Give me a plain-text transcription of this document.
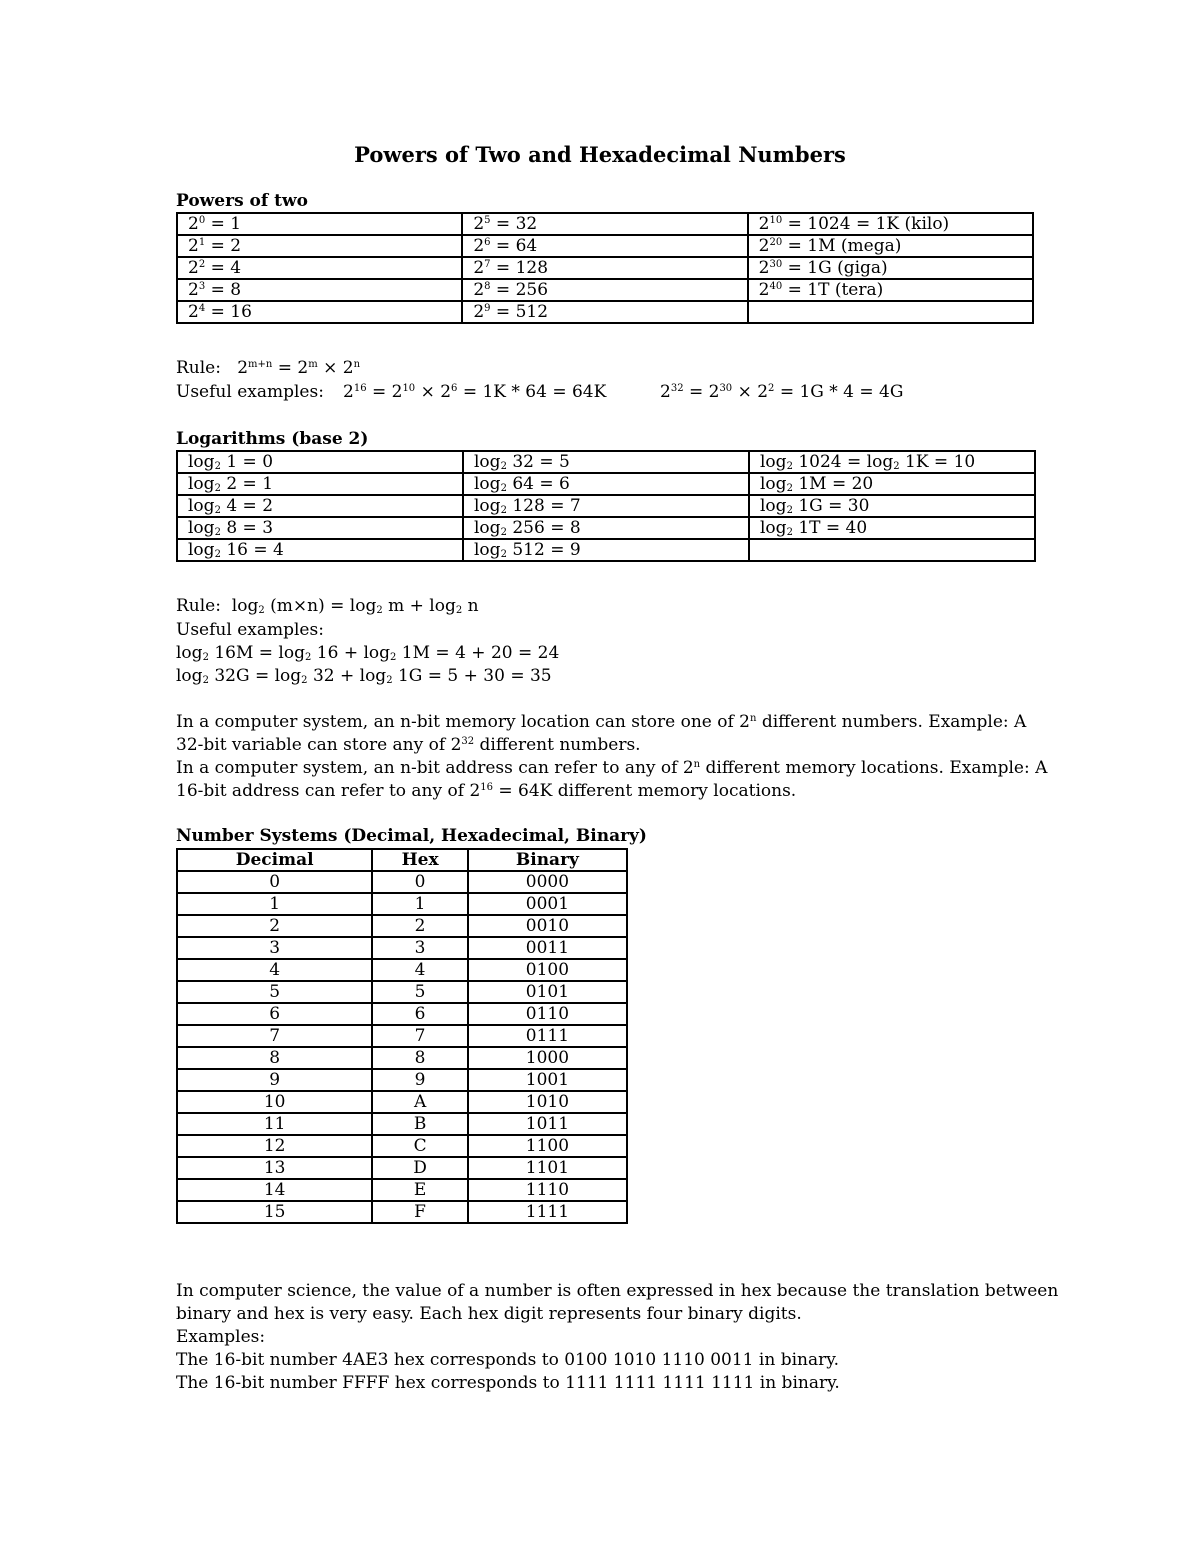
Powers of Two and Hexadecimal Numbers
Powers of two
$2^0 = 1$	$2^5 = 32$	$2^{10} = 1024 = 1K$ (kilo)
$2^1 = 2$	$2^6 = 64$	$2^{20} = 1M$ (mega)
$2^2 = 4$	$2^7 = 128$	$2^{30} = 1G$ (giga)
$2^3 = 8$	$2^8 = 256$	$2^{40} = 1T$ (tera)
$2^4 = 16$	$2^9 = 512$	
Rule: $2^{m+n} = 2^m \times 2^n$
Useful examples: $2^{16} = 2^{10} \times 2^6 = 1K * 64 = 64K$	$2^{32} = 2^{30} \times 2^2 = 1G * 4 = 4G$
Logarithms (base 2)
$\log_2 1 = 0$	$\log_2 32 = 5$	$\log_2 1024 = \log_2 1K = 10$
$\log_2 2 = 1$	$\log_2 64 = 6$	$\log_2 1M = 20$
$\log_2 4 = 2$	$\log_2 128 = 7$	$\log_2 1G = 30$
$\log_2 8 = 3$	$\log_2 256 = 8$	$\log_2 1T = 40$
$\log_2 16 = 4$	$\log_2 512 = 9$	
Rule: $\log_2 (m\times n) = \log_2 m + \log_2 n$
Useful examples:
$\log_2 16M = \log_2 16 + \log_2 1M = 4 + 20 = 24$
$\log_2 32G = \log_2 32 + \log_2 1G = 5 + 30 = 35$
In a computer system, an n-bit memory location can store one of 2$^n$ different numbers. Example: A
32-bit variable can store any of $2^{32}$ different numbers.
In a computer system, an n-bit address can refer to any of 2$^n$ different memory locations. Example: A
16-bit address can refer to any of $2^{16} = 64K$ different memory locations.
Number Systems (Decimal, Hexadecimal, Binary)
Decimal	Hex	Binary
0	0	0000
1	1	0001
2	2	0010
3	3	0011
4	4	0100
5	5	0101
6	6	0110
7	7	0111
8	8	1000
9	9	1001
10	A	1010
11	B	1011
12	C	1100
13	D	1101
14	E	1110
15	F	1111
In computer science, the value of a number is often expressed in hex because the translation between
binary and hex is very easy. Each hex digit represents four binary digits.
Examples:
The 16-bit number 4AE3 hex corresponds to 0100 1010 1110 0011 in binary.
The 16-bit number FFFF hex corresponds to 1111 1111 1111 1111 in binary.
